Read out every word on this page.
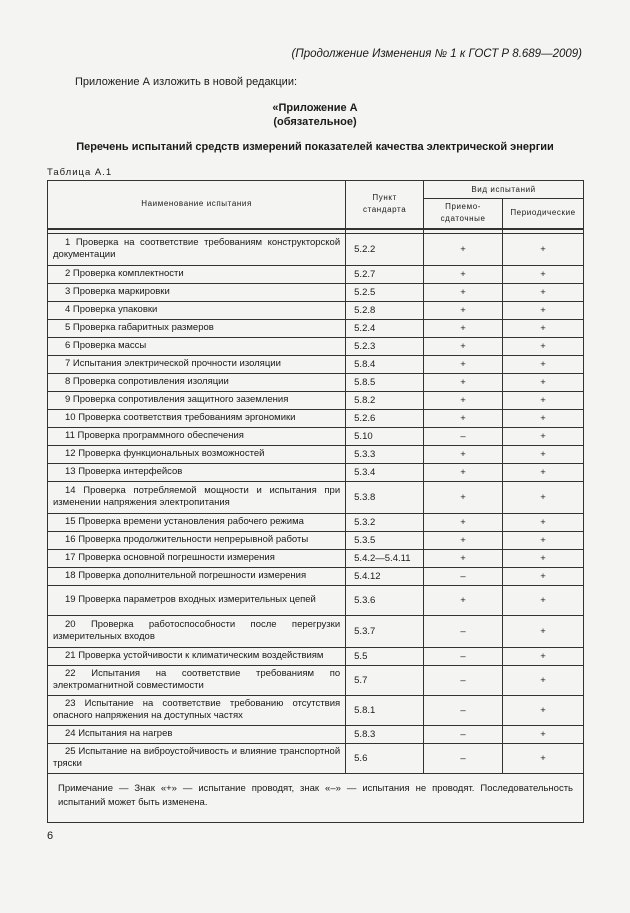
(Продолжение Изменения № 1 к ГОСТ Р 8.689—2009)
Приложение А изложить в новой редакции:
«Приложение А
(обязательное)
Перечень испытаний средств измерений показателей качества электрической энергии
Таблица А.1
Наименование испытания	Пункт стандарта	Вид испытаний	
		Приемо-сдаточные	Периодические

1 Проверка на соответствие требованиям конструкторской документации	5.2.2	+	+
2 Проверка комплектности	5.2.7	+	+
3 Проверка маркировки	5.2.5	+	+
4 Проверка упаковки	5.2.8	+	+
5 Проверка габаритных размеров	5.2.4	+	+
6 Проверка массы	5.2.3	+	+
7 Испытания электрической прочности изоляции	5.8.4	+	+
8 Проверка сопротивления изоляции	5.8.5	+	+
9 Проверка сопротивления защитного заземления	5.8.2	+	+
10 Проверка соответствия требованиям эргономики	5.2.6	+	+
11 Проверка программного обеспечения	5.10	–	+
12 Проверка функциональных возможностей	5.3.3	+	+
13 Проверка интерфейсов	5.3.4	+	+
14 Проверка потребляемой мощности и испытания при изменении напряжения электропитания	5.3.8	+	+
15 Проверка времени установления рабочего режима	5.3.2	+	+
16 Проверка продолжительности непрерывной работы	5.3.5	+	+
17 Проверка основной погрешности измерения	5.4.2—5.4.11	+	+
18 Проверка дополнительной погрешности измерения	5.4.12	–	+
19 Проверка параметров входных измерительных цепей	5.3.6	+	+
20 Проверка работоспособности после перегрузки измерительных входов	5.3.7	–	+
21 Проверка устойчивости к климатическим воздействиям	5.5	–	+
22 Испытания на соответствие требованиям по электромагнитной совместимости	5.7	–	+
23 Испытание на соответствие требованию отсутствия опасного напряжения на доступных частях	5.8.1	–	+
24 Испытания на нагрев	5.8.3	–	+
25 Испытание на виброустойчивость и влияние транспортной тряски	5.6	–	+
Примечание — Знак «+» — испытание проводят, знак «–» — испытания не проводят. Последовательность испытаний может быть изменена.			
6
